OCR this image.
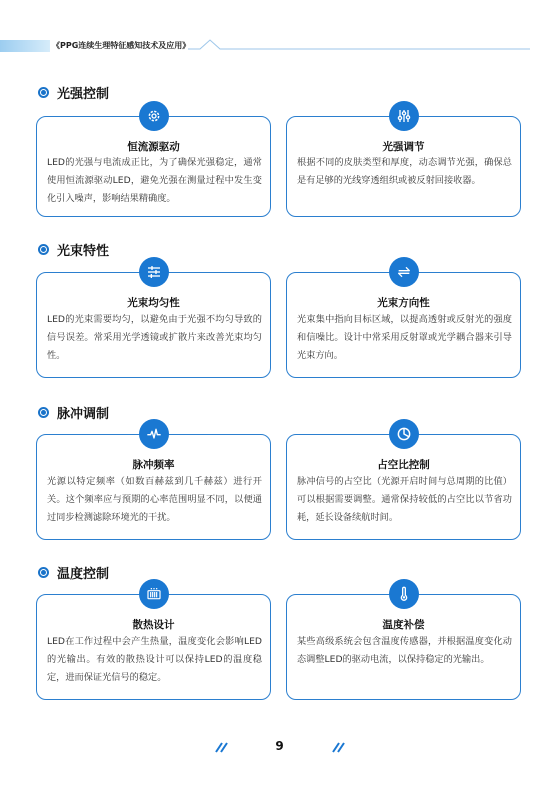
《PPG连续生理特征感知技术及应用》
光强控制
恒流源驱动
LED的光强与电流成正比，为了确保光强稳定，通常使用恒流源驱动LED，避免光强在测量过程中发生变化引入噪声，影响结果精确度。
光强调节
根据不同的皮肤类型和厚度，动态调节光强，确保总是有足够的光线穿透组织或被反射回接收器。
光束特性
光束均匀性
LED的光束需要均匀，以避免由于光强不均匀导致的信号误差。常采用光学透镜或扩散片来改善光束均匀性。
光束方向性
光束集中指向目标区域，以提高透射或反射光的强度和信噪比。设计中常采用反射罩或光学耦合器来引导光束方向。
脉冲调制
脉冲频率
光源以特定频率（如数百赫兹到几千赫兹）进行开关。这个频率应与预期的心率范围明显不同，以便通过同步检测滤除环境光的干扰。
占空比控制
脉冲信号的占空比（光源开启时间与总周期的比值）可以根据需要调整。通常保持较低的占空比以节省功耗，延长设备续航时间。
温度控制
散热设计
LED在工作过程中会产生热量，温度变化会影响LED的光输出。有效的散热设计可以保持LED的温度稳定，进而保证光信号的稳定。
温度补偿
某些高级系统会包含温度传感器，并根据温度变化动态调整LED的驱动电流，以保持稳定的光输出。
9
